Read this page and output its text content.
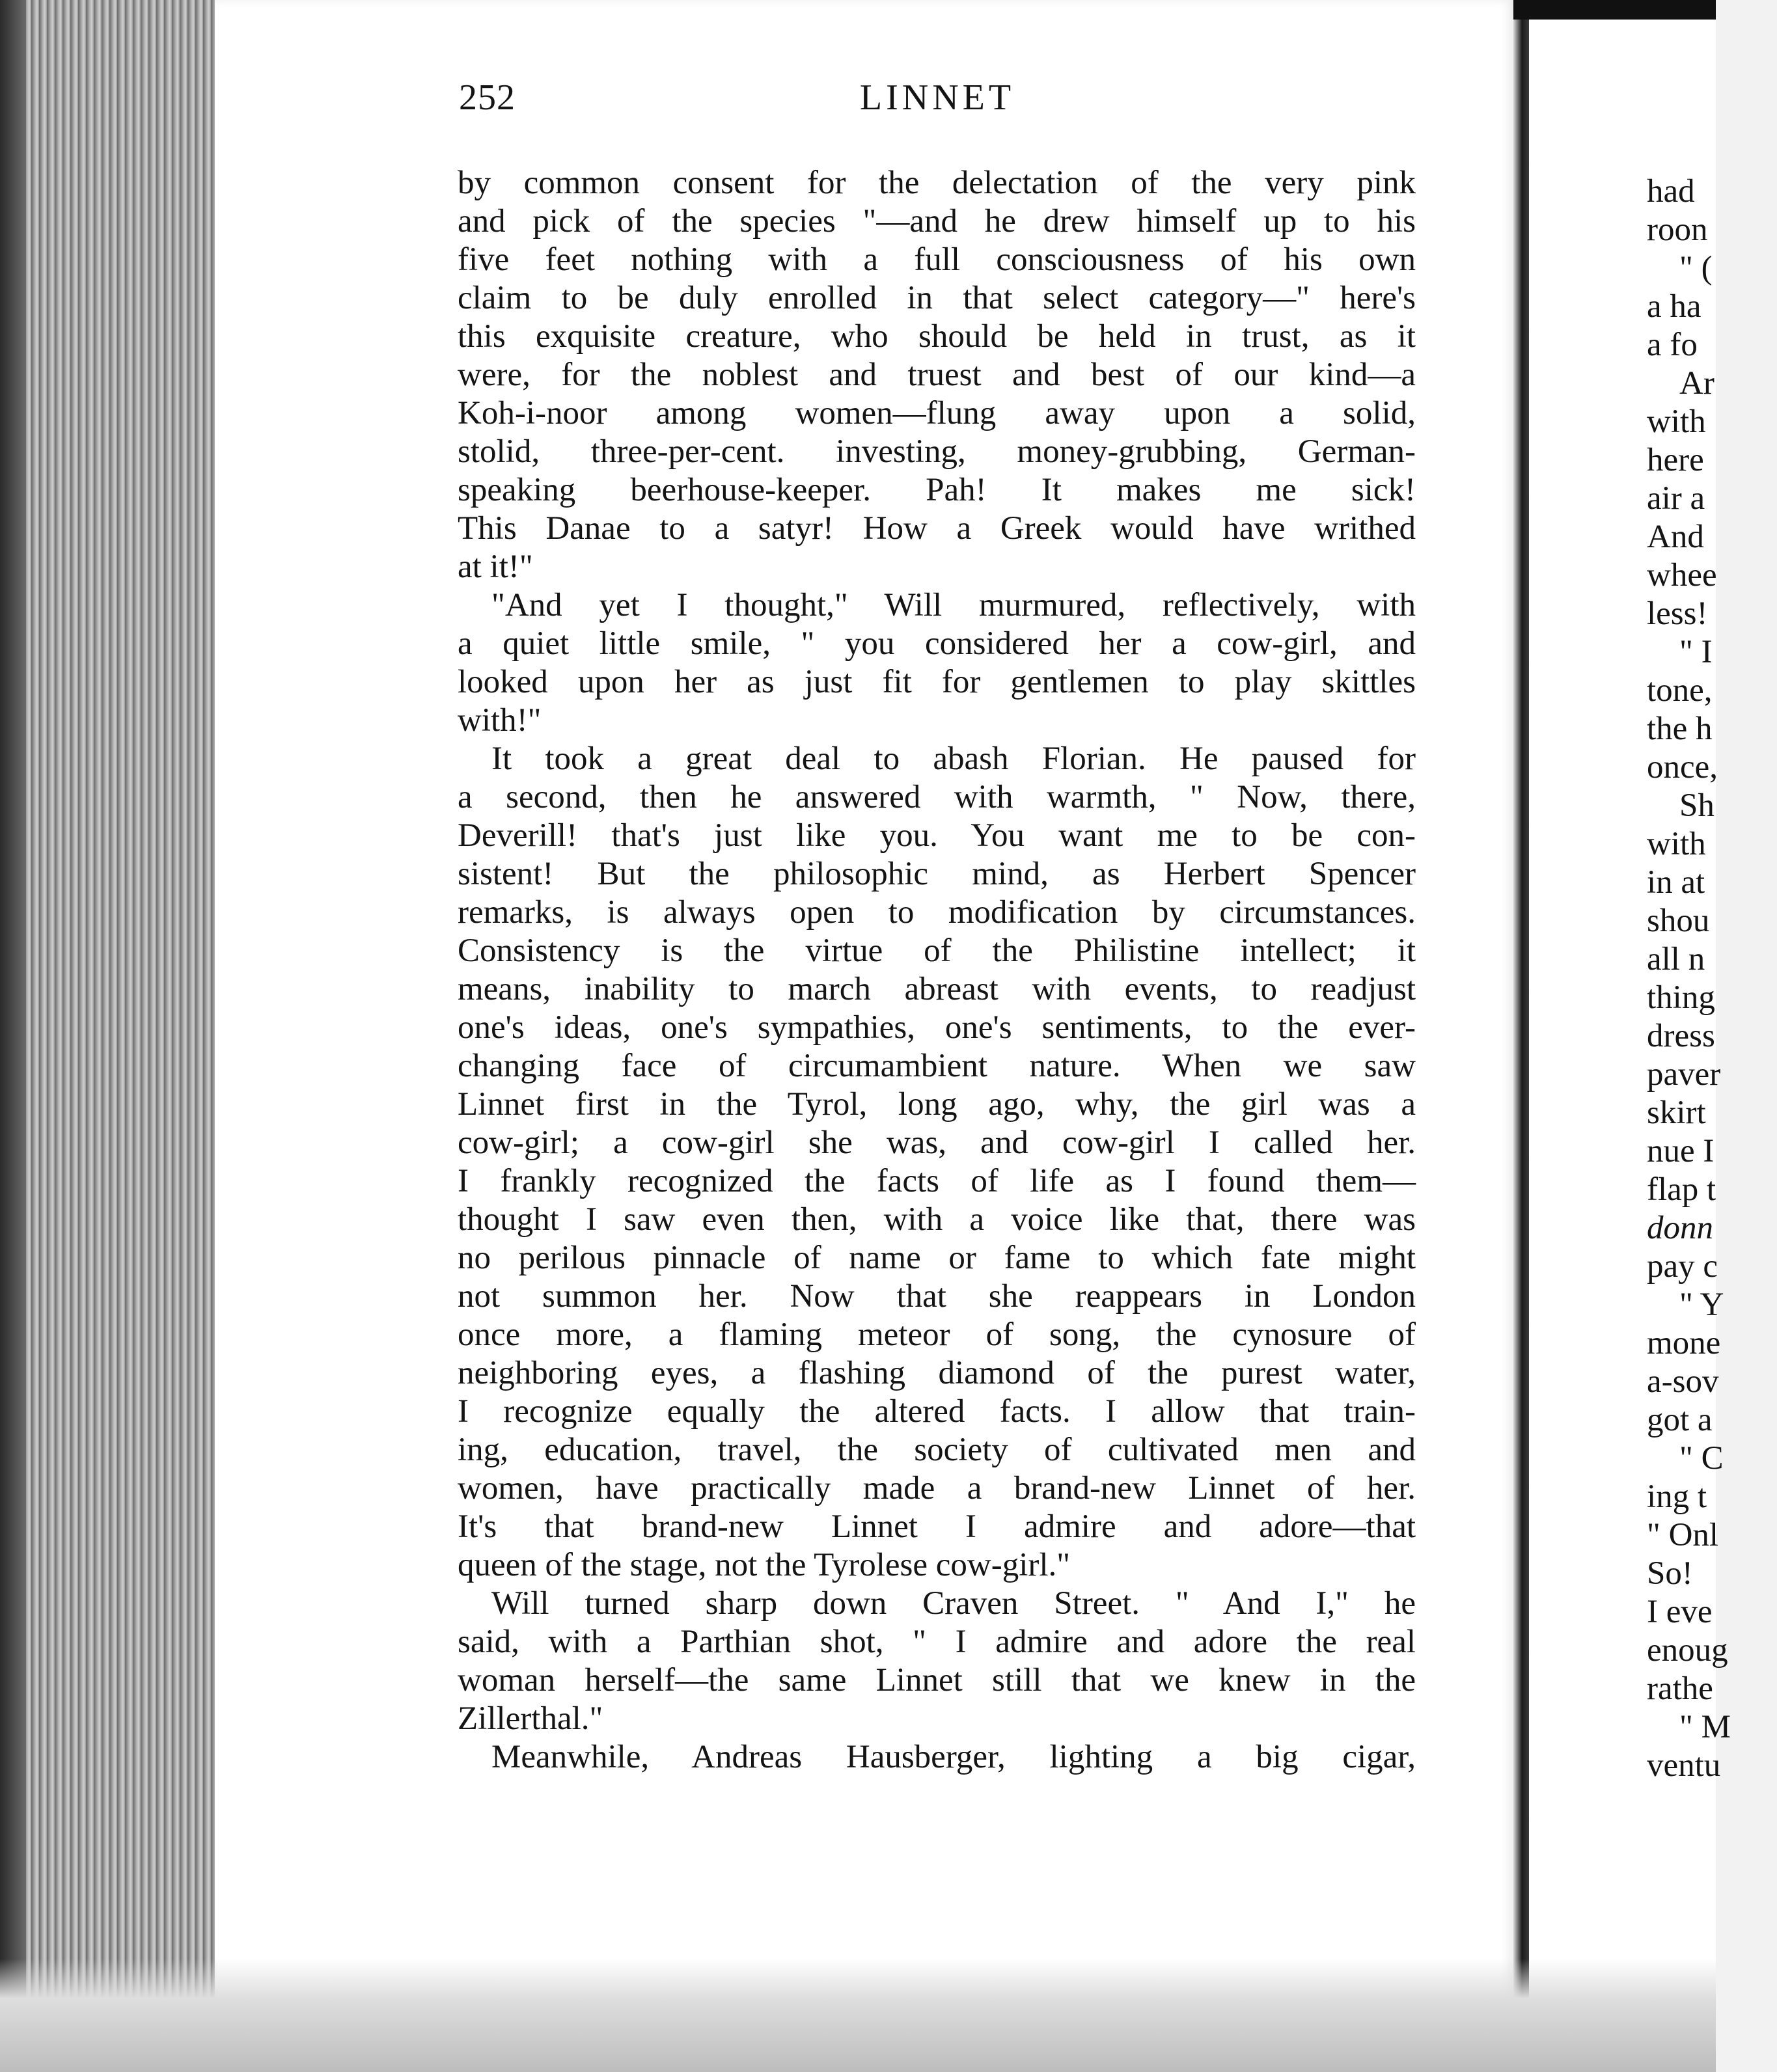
252	LINNET
by common consent for the delectation of the very pink
and pick of the species "—and he drew himself up to his
five feet nothing with a full consciousness of his own
claim to be duly enrolled in that select category—" here's
this exquisite creature, who should be held in trust, as it
were, for the noblest and truest and best of our kind—a
Koh-i-noor among women—flung away upon a solid,
stolid, three-per-cent. investing, money-grubbing, German-
speaking beerhouse-keeper. Pah! It makes me sick!
This Danae to a satyr! How a Greek would have writhed
at it!"
"And yet I thought," Will murmured, reflectively, with
a quiet little smile, " you considered her a cow-girl, and
looked upon her as just fit for gentlemen to play skittles
with!"
It took a great deal to abash Florian. He paused for
a second, then he answered with warmth, " Now, there,
Deverill! that's just like you. You want me to be con-
sistent! But the philosophic mind, as Herbert Spencer
remarks, is always open to modification by circumstances.
Consistency is the virtue of the Philistine intellect; it
means, inability to march abreast with events, to readjust
one's ideas, one's sympathies, one's sentiments, to the ever-
changing face of circumambient nature. When we saw
Linnet first in the Tyrol, long ago, why, the girl was a
cow-girl; a cow-girl she was, and cow-girl I called her.
I frankly recognized the facts of life as I found them—
thought I saw even then, with a voice like that, there was
no perilous pinnacle of name or fame to which fate might
not summon her. Now that she reappears in London
once more, a flaming meteor of song, the cynosure of
neighboring eyes, a flashing diamond of the purest water,
I recognize equally the altered facts. I allow that train-
ing, education, travel, the society of cultivated men and
women, have practically made a brand-new Linnet of her.
It's that brand-new Linnet I admire and adore—that
queen of the stage, not the Tyrolese cow-girl."
Will turned sharp down Craven Street. " And I," he
said, with a Parthian shot, " I admire and adore the real
woman herself—the same Linnet still that we knew in the
Zillerthal."
Meanwhile, Andreas Hausberger, lighting a big cigar,
had
roon
" (
a ha
a fo
Ar
with
here
air a
And
whee
less!
" I
tone,
the h
once,
Sh
with
in at
shou
all n
thing
dress
paver
skirt
nue I
flap t
donn
pay c
" Y
mone
a-sov
got a
" C
ing t
" Onl
So!
I eve
enoug
rathe
" M
ventu
